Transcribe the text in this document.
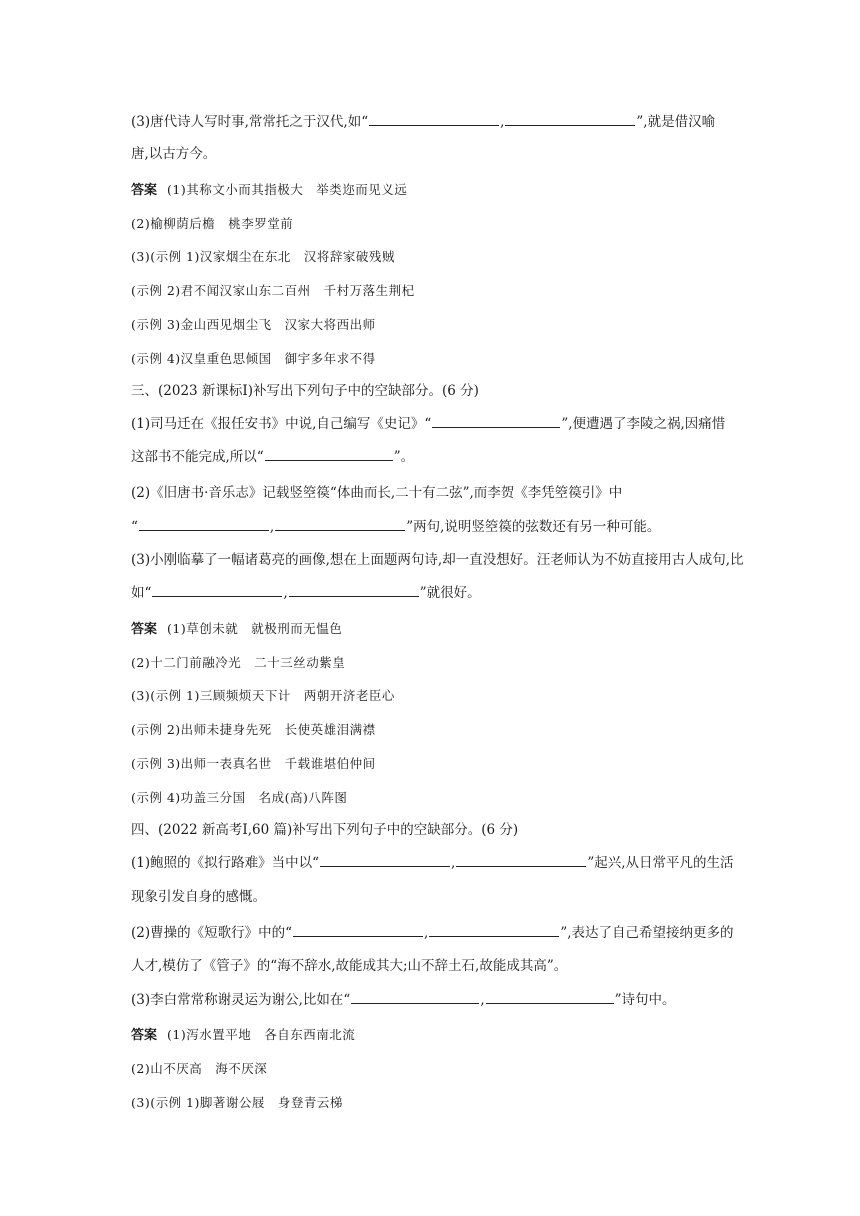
(3)唐代诗人写时事,常常托之于汉代,如“	,	”,就是借汉喻
唐,以古方今。
答案 (1)其称文小而其指极大　举类迩而见义远
(2)榆柳荫后檐　桃李罗堂前
(3)(示例 1)汉家烟尘在东北　汉将辞家破残贼
(示例 2)君不闻汉家山东二百州　千村万落生荆杞
(示例 3)金山西见烟尘飞　汉家大将西出师
(示例 4)汉皇重色思倾国　御宇多年求不得
三、(2023 新课标Ⅰ)补写出下列句子中的空缺部分。(6 分)
(1)司马迁在《报任安书》中说,自己编写《史记》“	”,便遭遇了李陵之祸,因痛惜
这部书不能完成,所以“	”。
(2)《旧唐书·音乐志》记载竖箜篌“体曲而长,二十有二弦”,而李贺《李凭箜篌引》中
“	,	”两句,说明竖箜篌的弦数还有另一种可能。
(3)小刚临摹了一幅诸葛亮的画像,想在上面题两句诗,却一直没想好。汪老师认为不妨直接用古人成句,比
如“	,	”就很好。
答案 (1)草创未就　就极刑而无愠色
(2)十二门前融冷光　二十三丝动紫皇
(3)(示例 1)三顾频烦天下计　两朝开济老臣心
(示例 2)出师未捷身先死　长使英雄泪满襟
(示例 3)出师一表真名世　千载谁堪伯仲间
(示例 4)功盖三分国　名成(高)八阵图
四、(2022 新高考Ⅰ,60 篇)补写出下列句子中的空缺部分。(6 分)
(1)鲍照的《拟行路难》当中以“	,	”起兴,从日常平凡的生活
现象引发自身的感慨。
(2)曹操的《短歌行》中的“	,	”,表达了自己希望接纳更多的
人才,模仿了《管子》的“海不辞水,故能成其大;山不辞土石,故能成其高”。
(3)李白常常称谢灵运为谢公,比如在“	,	”诗句中。
答案 (1)泻水置平地　各自东西南北流
(2)山不厌高　海不厌深
(3)(示例 1)脚著谢公屐　身登青云梯
